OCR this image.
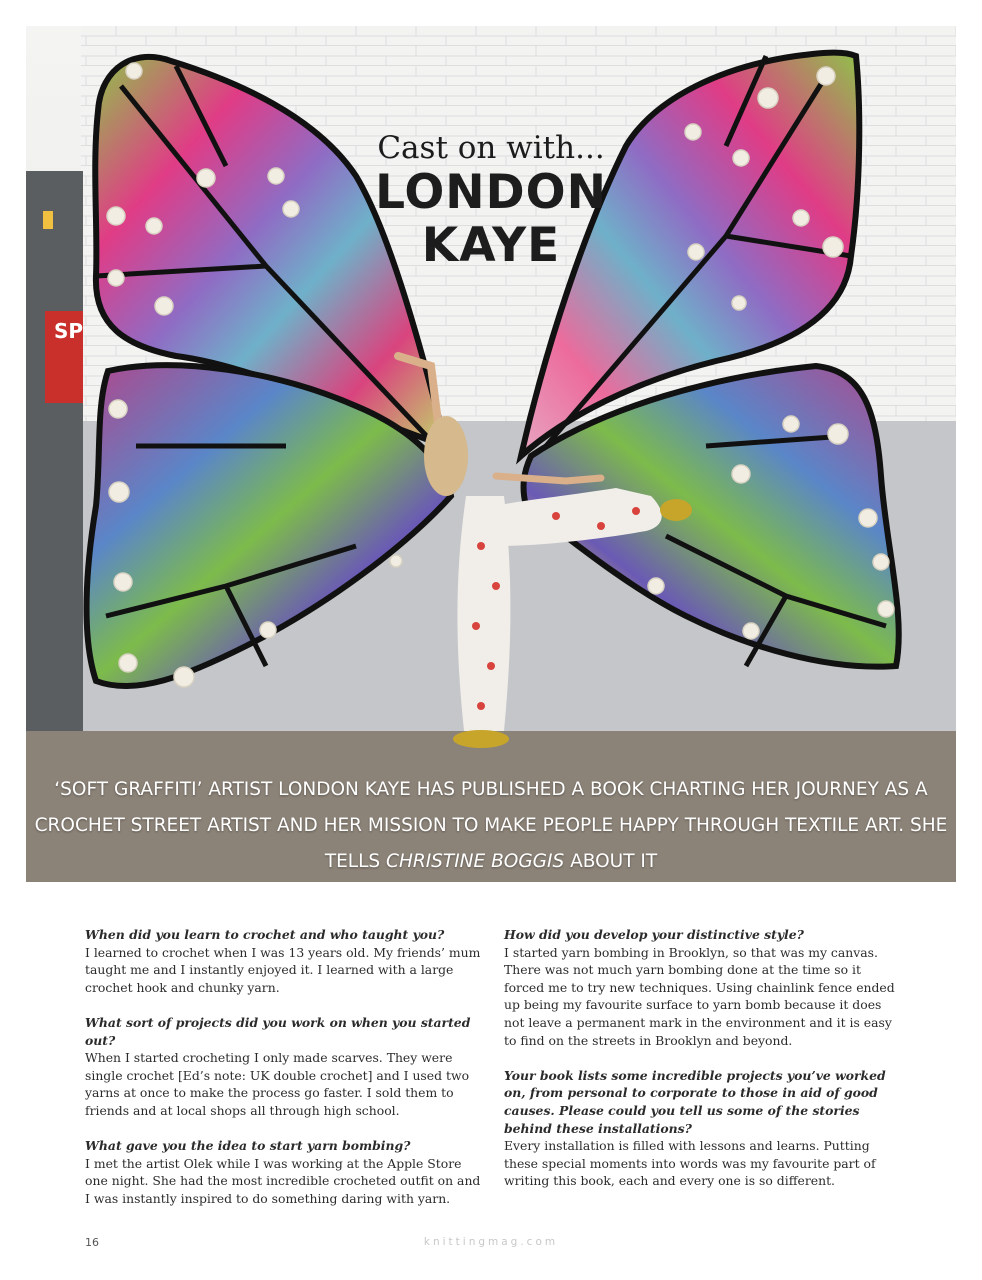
SP

Cast on with...

LONDON
KAYE

‘SOFT GRAFFITI’ ARTIST LONDON KAYE HAS PUBLISHED A BOOK CHARTING HER JOURNEY AS A CROCHET STREET ARTIST AND HER MISSION TO MAKE PEOPLE HAPPY THROUGH TEXTILE ART. SHE TELLS CHRISTINE BOGGIS ABOUT IT

When did you learn to crochet and who taught you?

I learned to crochet when I was 13 years old. My friends’ mum taught me and I instantly enjoyed it. I learned with a large crochet hook and chunky yarn.

What sort of projects did you work on when you started out?

When I started crocheting I only made scarves. They were single crochet [Ed’s note: UK double crochet] and I used two yarns at once to make the process go faster. I sold them to friends and at local shops all through high school.

What gave you the idea to start yarn bombing?

I met the artist Olek while I was working at the Apple Store one night. She had the most incredible crocheted outfit on and I was instantly inspired to do something daring with yarn.

How did you develop your distinctive style?

I started yarn bombing in Brooklyn, so that was my canvas. There was not much yarn bombing done at the time so it forced me to try new techniques. Using chainlink fence ended up being my favourite surface to yarn bomb because it does not leave a permanent mark in the environment and it is easy to find on the streets in Brooklyn and beyond.

Your book lists some incredible projects you’ve worked on, from personal to corporate to those in aid of good causes. Please could you tell us some of the stories behind these installations?

Every installation is filled with lessons and learns. Putting these special moments into words was my favourite part of writing this book, each and every one is so different.

16	knittingmag.com
